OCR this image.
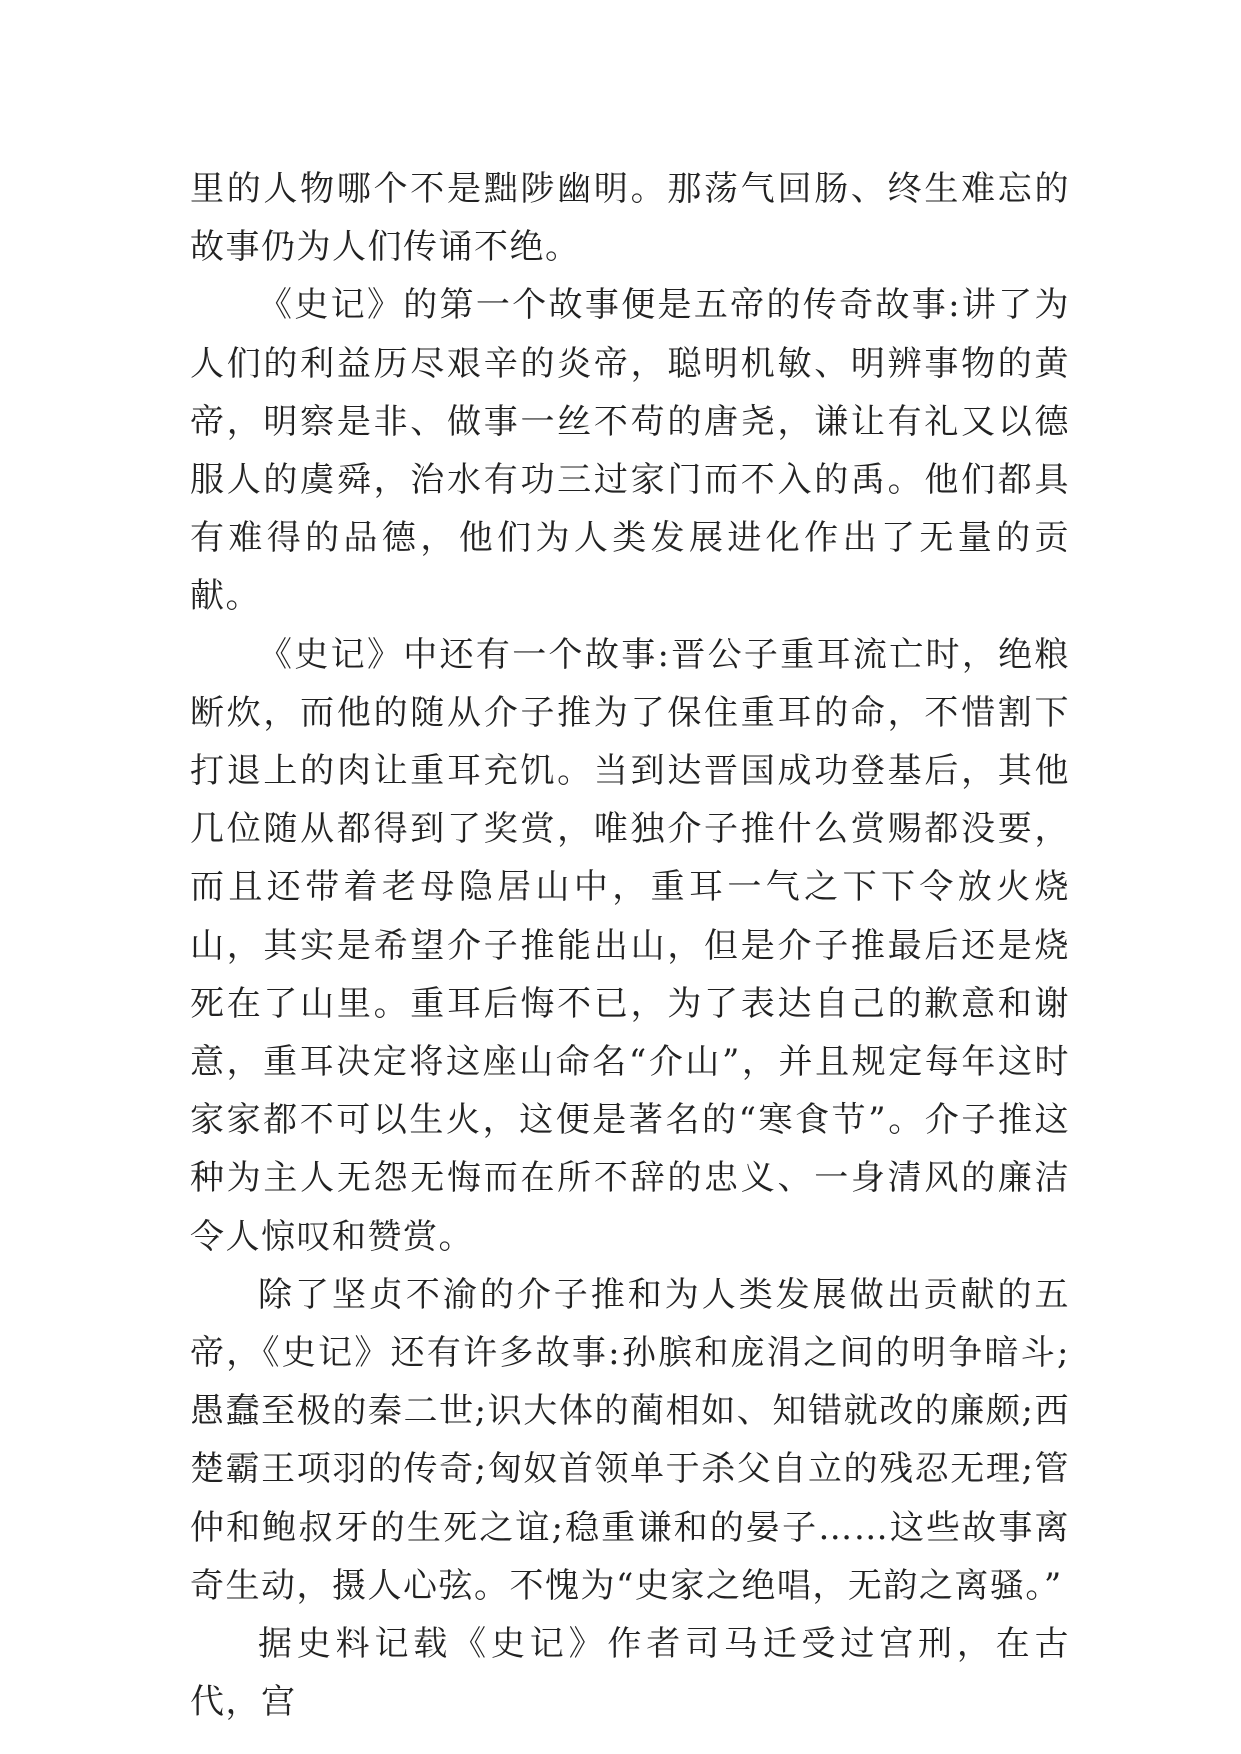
里的人物哪个不是黜陟幽明。那荡气回肠、终生难忘的故事仍为人们传诵不绝。

《史记》的第一个故事便是五帝的传奇故事:讲了为人们的利益历尽艰辛的炎帝，聪明机敏、明辨事物的黄帝，明察是非、做事一丝不苟的唐尧，谦让有礼又以德服人的虞舜，治水有功三过家门而不入的禹。他们都具有难得的品德，他们为人类发展进化作出了无量的贡献。

《史记》中还有一个故事:晋公子重耳流亡时，绝粮断炊，而他的随从介子推为了保住重耳的命，不惜割下打退上的肉让重耳充饥。当到达晋国成功登基后，其他几位随从都得到了奖赏，唯独介子推什么赏赐都没要，而且还带着老母隐居山中，重耳一气之下下令放火烧山，其实是希望介子推能出山，但是介子推最后还是烧死在了山里。重耳后悔不已，为了表达自己的歉意和谢意，重耳决定将这座山命名“介山”，并且规定每年这时家家都不可以生火，这便是著名的“寒食节”。介子推这种为主人无怨无悔而在所不辞的忠义、一身清风的廉洁令人惊叹和赞赏。

除了坚贞不渝的介子推和为人类发展做出贡献的五帝，《史记》还有许多故事:孙膑和庞涓之间的明争暗斗;愚蠢至极的秦二世;识大体的蔺相如、知错就改的廉颇;西楚霸王项羽的传奇;匈奴首领单于杀父自立的残忍无理;管仲和鲍叔牙的生死之谊;稳重谦和的晏子……这些故事离奇生动，摄人心弦。不愧为“史家之绝唱，无韵之离骚。”

据史料记载《史记》作者司马迁受过宫刑，在古代，宫
